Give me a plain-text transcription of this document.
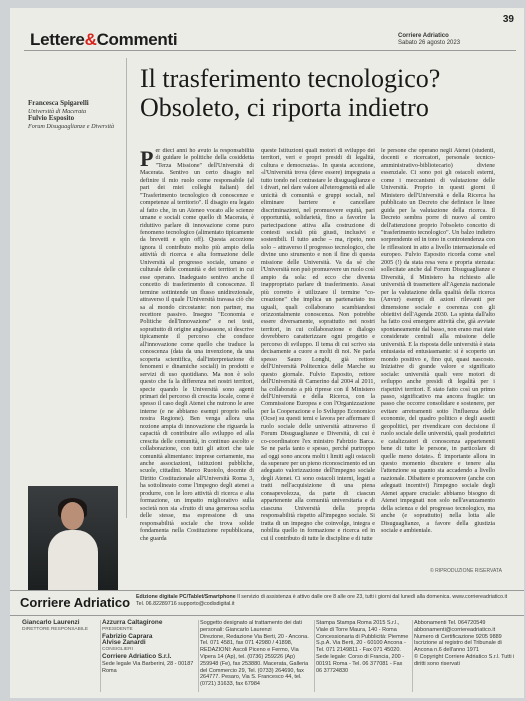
39
Lettere&Commenti	Corriere Adriatico
Sabato 26 agosto 2023
Francesca Spigarelli
Università di Macerata
Fulvio Esposito
Forum Disuguaglianze e Diversità
Il trasferimento tecnologico?
Obsoleto, ci riporta indietro
Per dieci anni ho avuto la responsabilità di guidare le politiche della cosiddetta "Terza Missione" dell'Università di Macerata. Sentivo un certo disagio nel definire il mio ruolo come responsabile (al pari dei miei colleghi italiani) del "Trasferimento tecnologico di conoscenze e competenze al territorio". Il disagio era legato al fatto che, in un Ateneo vocato alle scienze umane e sociali come quello di Macerata, è riduttivo parlare di innovazione come puro fenomeno tecnologico (alimentato tipicamente da brevetti e spin off). Questa accezione ignora il contributo molto più ampio della attività di ricerca e alta formazione delle Università al progresso sociale, umano e culturale delle comunità e dei territori in cui esse operano. Inadeguato sentivo anche il concetto di trasferimento di conoscenze. Il termine sottintende un flusso unidirezionale, attraverso il quale l'Università travasa ciò che sa al mondo circostante: non partner, ma recettore passivo. Insegno "Economia e Politiche dell'Innovazione" e nei testi, soprattutto di origine anglosassone, si descrive tipicamente il percorso che conduce all'innovazione come quello che traduce la conoscenza (data da una invenzione, da una scoperta scientifica, dall'interpretazione di fenomeni e dinamiche sociali) in prodotti e servizi di uso quotidiano. Ma non è solo questo che fa la differenza nei nostri territori, specie quando le Università sono agenti primari del percorso di crescita locale, come è spesso il caso degli Atenei che nutrono le aree interne (e ne abbiamo esempi proprio nella nostra Regione). Ben venga allora una nozione ampia di innovazione che riguarda la capacità di contribuire allo sviluppo ed alla crescita delle comunità, in continuo ascolto e collaborazione, con tutti gli attori che tale comunità alimentano: imprese certamente, ma anche associazioni, istituzioni pubbliche, scuole, cittadini. Marco Ruotolo, docente di Diritto Costituzionale all'Università Roma 3, ha sottolineato come l'impegno degli atenei a produrre, con le loro attività di ricerca e alta formazione, un impatto migliorativo sulla società non sia «frutto di una generosa scelta delle stesse, ma espressione di una responsabilità sociale che trova solide fondamenta nella Costituzione repubblicana, che guarda
queste Istituzioni quali motori di sviluppo dei territori, veri e propri presidi di legalità, cultura e democrazia». In questa accezione, «l'Università trova (deve essere) impegnata a tutto tondo nel contrastare le disuguaglianze e i divari, nel dare valore all'eterogeneità ed alle unicità di comunità e gruppi sociali, nel eliminare barriere e cancellare discriminazioni, nel promuovere equità, pari opportunità, solidarietà, fino a favorire la partecipazione attiva alla costruzione di contesti sociali più giusti, inclusivi e sostenibili. Il tutto anche – ma, ripeto, non solo – attraverso il progresso tecnologico, che divine uno strumento e non il fine di questa missione delle Università. Va da sé che l'Università non può promuovere un ruolo così ampio da sola: ed ecco che diventa inappropriato parlare di trasferimento. Assai più corretto è utilizzare il termine "co-creazione" che implica un partenariato tra uguali, quali collaborano scambiandosi orizzontalmente conoscenza. Non potrebbe essere diversamente, soprattutto nei nostri territori, in cui collaborazione e dialogo dovrebbero caratterizzare ogni progetto e percorso di sviluppo. Il tema di cui scrivo sta decisamente a cuore a molti di noi. Ne parla spesso Sauro Longhi, già rettore dell'Università Politecnica delle Marche su questo giornale. Fulvio Esposito, rettore dell'Università di Camerino dal 2004 al 2011, ha collaborato a più riprese con il Ministero dell'Università e della Ricerca, con la Commissione Europea e con l'Organizzazione per la Cooperazione e lo Sviluppo Economico (Ocse) su questi temi e lavora per affermare il ruolo sociale delle università attraverso il Forum Disuguaglianze e Diversità, di cui è co-coordinatore l'ex ministro Fabrizio Barca. Se ne parla tanto e spesso, perché purtroppo ad oggi sono ancora molti i limiti agli ostacoli da superare per un pieno riconoscimento ed un adeguato valorizzazione dell'impegno sociale degli Atenei. Ci sono ostacoli interni, legati a tratti nell'acquisizione di una piena consapevolezza, da parte di ciascun appartenente alla comunità universitaria e di ciascuna Università della propria responsabilità rispetto all'impegno sociale. Si tratta di un impegno che coinvolge, integra e nobilita quello in formazione e ricerca ed in cui il contributo di tutte le discipline e di tutte
le persone che operano negli Atenei (studenti, docenti e ricercatori, personale tecnico-amministrativo-bibliotecario) diviene essenziale. Ci sono poi gli ostacoli esterni, come i meccanismi di valutazione delle Università. Proprio in questi giorni il Ministero dell'Università e della Ricerca ha pubblicato un Decreto che definisce le linee guida per la valutazione della ricerca. Il Decreto sembra porre di nuovo al centro dell'attenzione proprio l'obsoleto concetto di "trasferimento tecnologico". Un balzo indietro sorprendente ed in tono in controtendenza con le riflessioni in atto a livello internazionale ed europeo. Fulvio Esposito ricorda come «nel 2005 (!) da stata resa vera e propria sterzata: sollecitate anche dal Forum Disuguaglianze e Diversità, il Ministero ha richiesto alle università di trasmettere all'Agenzia nazionale per la valutazione della qualità della ricerca (Anvur) esempi di azioni rilevanti per dimensione sociale e coerenza con gli obiettivi dell'Agenda 2030. La spinta dall'alto ha fatto così emergere attività che, già avviate spontaneamente dal basso, non erano mai state considerate centrali alla missione delle università. E la risposta delle università è stata entusiasta ed entusiasmante: si è scoperto un mondo positivo e, fino qui, quasi nascosto. Iniziative di grande valore e significato sociale: università quali vere motori di sviluppo anche presidi di legalità per i rispettivi territori. È stato fatto così un primo passo, significativo ma ancora fragile: un passo che occorre consolidare e sostenere, per evitare arretramenti sotto l'influenza delle economie, del quadro politico e degli assetti geopolitici, per rivendicare con decisione il ruolo sociale delle università, quali produttrici e catalizzatori di conoscenza appartenenti bene di tutte le persone, in particolare di quelle meno dotate». È importante allora in questo momento discutere e tenere alta l'attenzione su quanto sta accadendo a livello nazionale. Dibattere e promuovere (anche con adeguati incentivi) l'impegno sociale degli Atenei appare cruciale: abbiamo bisogno di Atenei impegnati non solo nell'avanzamento della scienza e del progresso tecnologico, ma anche (e soprattutto) nella lotta alle Disuguaglianze, a favore della giustizia sociale e ambientale.
© RIPRODUZIONE RISERVATA
Corriere Adriatico Edizione digitale PC/Tablet/Smartphone Il servizio di assistenza è attivo dalle ore 8 alle ore 23, tutti i giorni dal lunedì alla domenica. www.corriereadriatico.it Tel. 06.82289716 supporto@codisdigital.it
Giancarlo Laurenzi
DIRETTORE RESPONSABILE
Azzurra Caltagirone
PRESIDENTE
Fabrizio Caprara
Alvise Zanardi
CONSIGLIERI
Corriere Adriatico S.r.l.
Sede legale Via Barberini, 28 - 00187 Roma
Soggetto designato al trattamento dei dati personali: Giancarlo Laurenzi
Direzione, Redazione Via Berti, 20 - Ancona. Tel. 071 4581, fax 071 42980 / 41898, REDAZIONI: Ascoli Piceno e Fermo, Via Vipera 14 (Ap), tel. (0736) 259226 (Ap) 259948 (Fe), fax 253880. Macerata, Galleria del Commercio 29, Tel. (0733) 264690, fax 264777. Pesaro, Via S. Francesco 44, tel. (0721) 31633, fax 67984
Stampa Stampa Roma 2015 S.r.l., Viale di Torre Maura, 140 - Roma
Concessionaria di Pubblicità: Piemme S.p.A. Via Berti, 20 - 60100 Ancona - Tel. 071 2149811 - Fax 071 45020. Sede legale: Corso di Francia, 200 - 00191 Roma - Tel. 06 377081 - Fax 06 37724830
Abbonamenti Tel. 064720549 abbonamenti@corriereadriatico.it
Numero di Certificazione 9205 9889
Iscrizione al registro del Tribunale di Ancona n.6 dell'anno 1971
© Copyright Corriere Adriatico S.r.l. Tutti i diritti sono riservati
